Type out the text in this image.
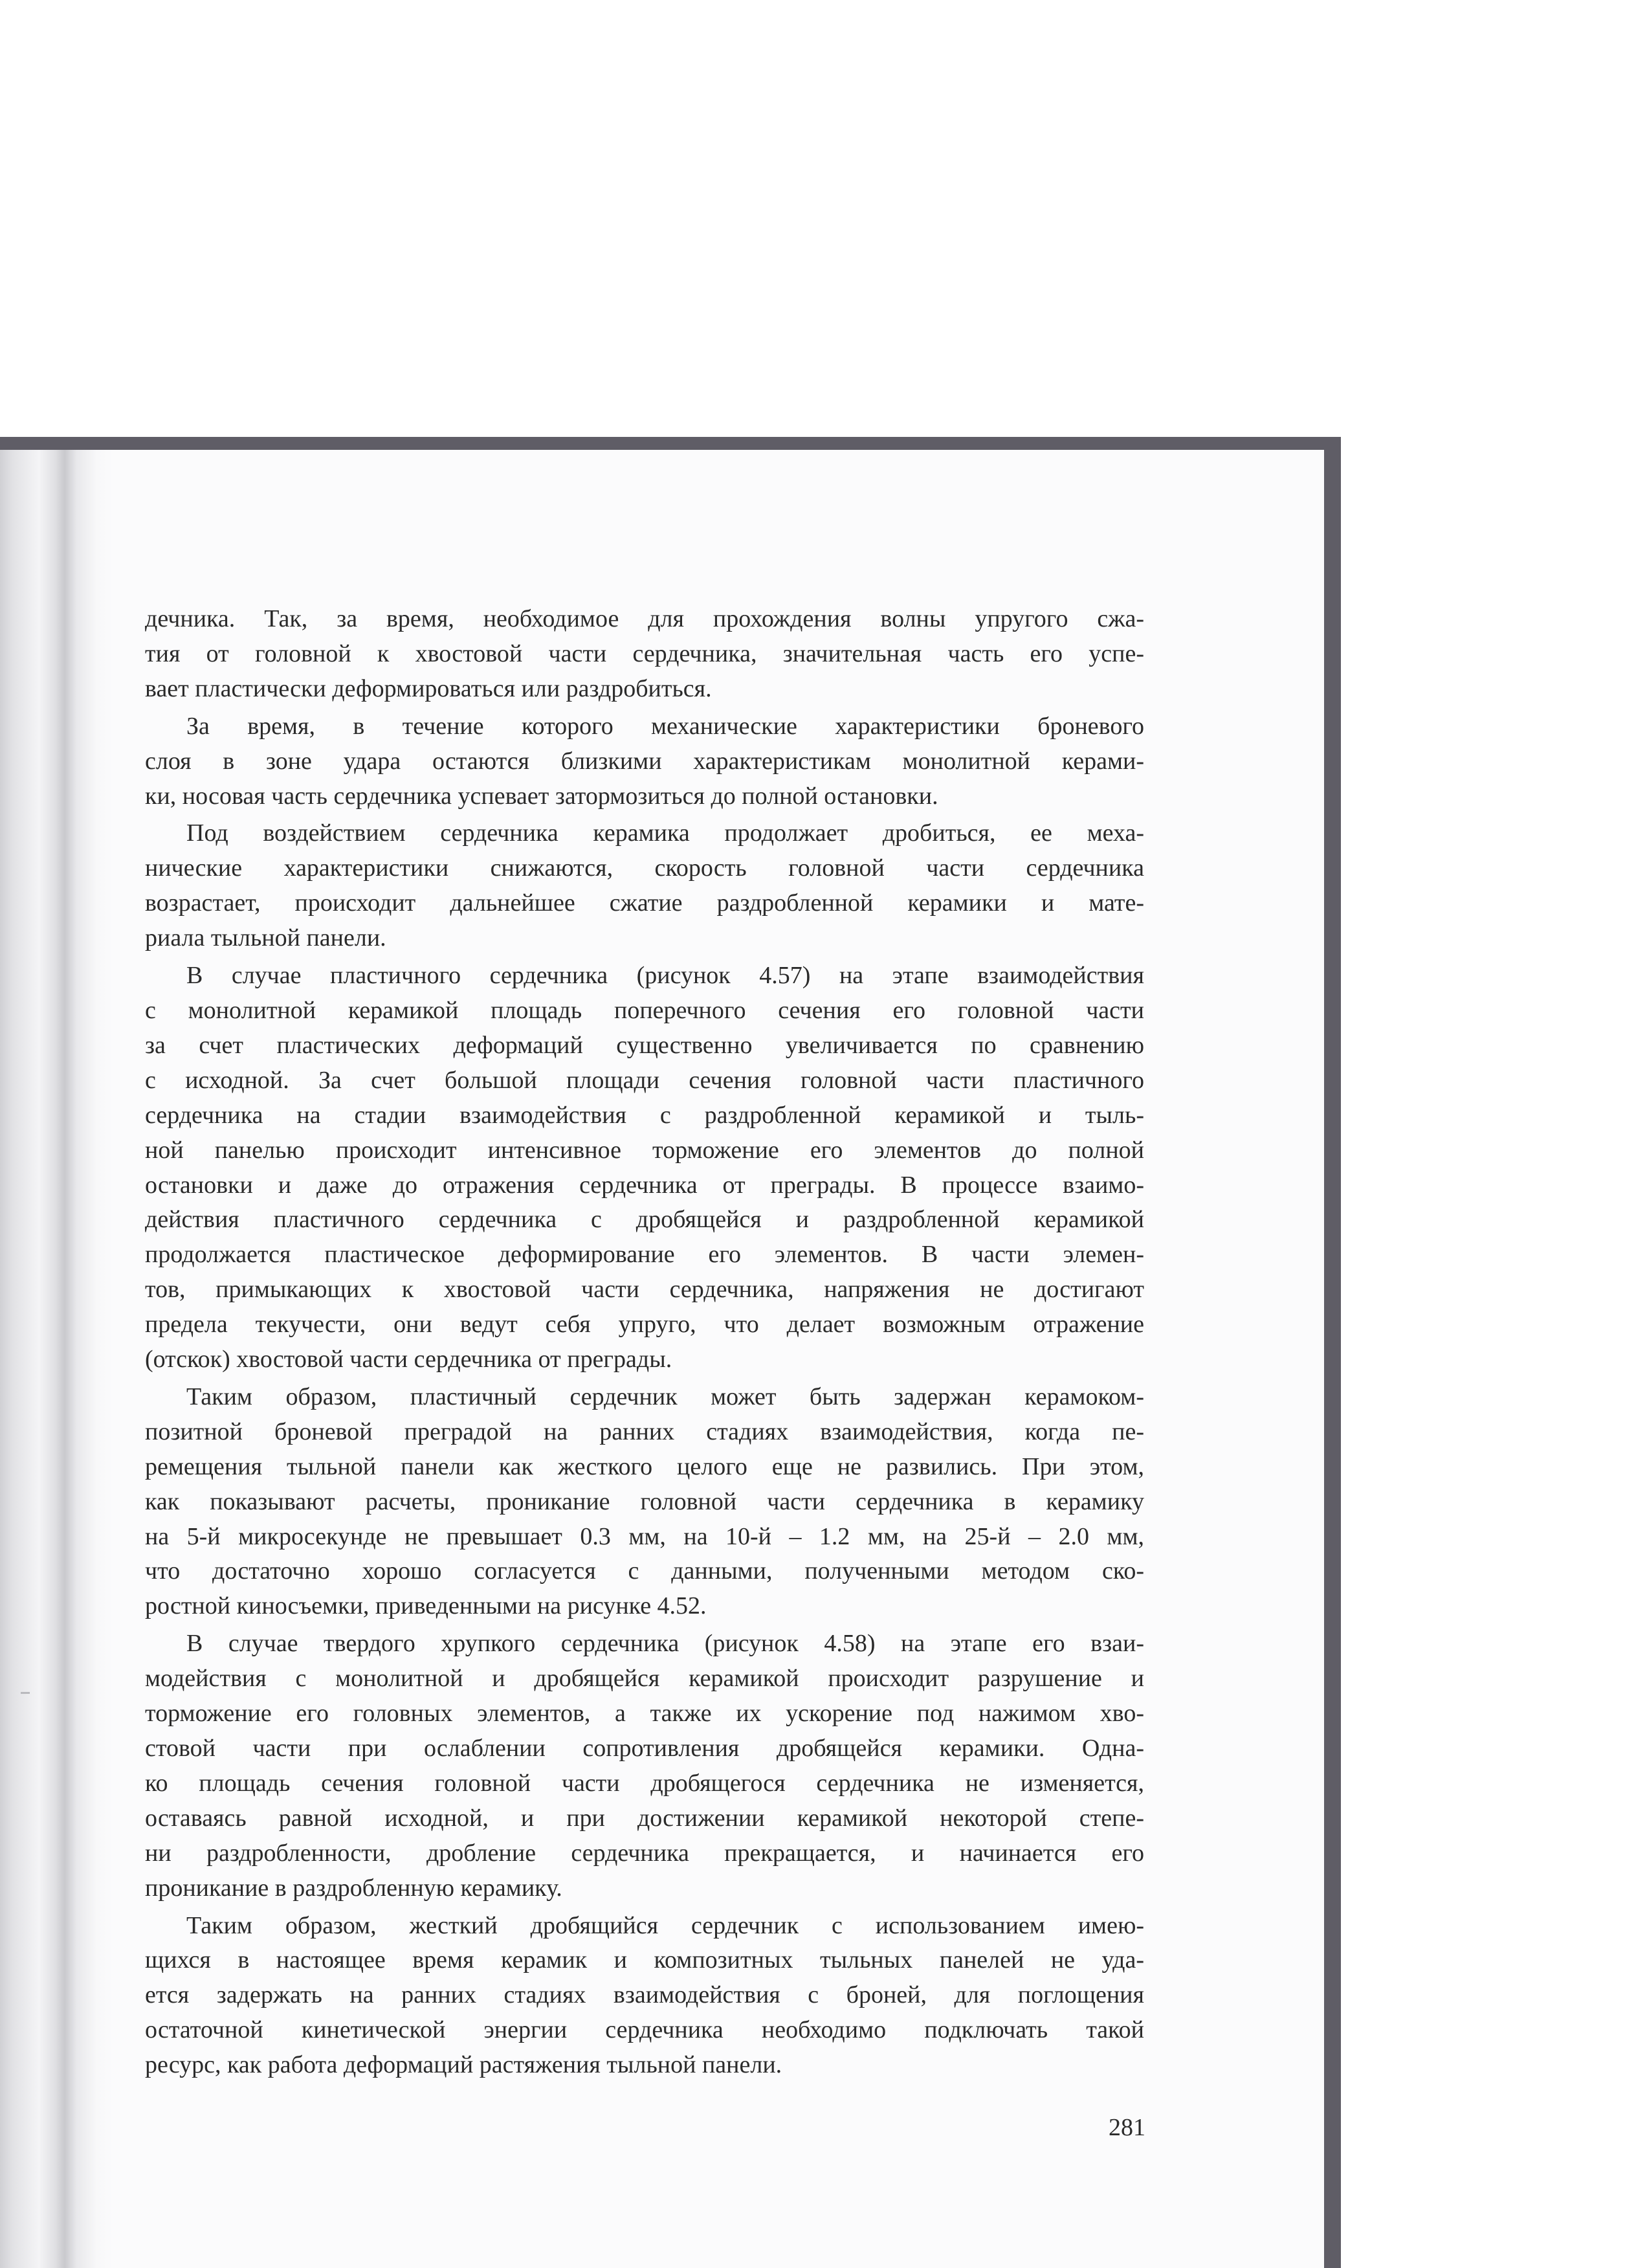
дечника. Так, за время, необходимое для прохождения волны упругого сжа-
тия от головной к хвостовой части сердечника, значительная часть его успе-
вает пластически деформироваться или раздробиться.

За время, в течение которого механические характеристики броневого
слоя в зоне удара остаются близкими характеристикам монолитной керами-
ки, носовая часть сердечника успевает затормозиться до полной остановки.

Под воздействием сердечника керамика продолжает дробиться, ее меха-
нические характеристики снижаются, скорость головной части сердечника
возрастает, происходит дальнейшее сжатие раздробленной керамики и мате-
риала тыльной панели.

В случае пластичного сердечника (рисунок 4.57) на этапе взаимодействия
с монолитной керамикой площадь поперечного сечения его головной части
за счет пластических деформаций существенно увеличивается по сравнению
с исходной. За счет большой площади сечения головной части пластичного
сердечника на стадии взаимодействия с раздробленной керамикой и тыль-
ной панелью происходит интенсивное торможение его элементов до полной
остановки и даже до отражения сердечника от преграды. В процессе взаимо-
действия пластичного сердечника с дробящейся и раздробленной керамикой
продолжается пластическое деформирование его элементов. В части элемен-
тов, примыкающих к хвостовой части сердечника, напряжения не достигают
предела текучести, они ведут себя упруго, что делает возможным отражение
(отскок) хвостовой части сердечника от преграды.

Таким образом, пластичный сердечник может быть задержан керамоком-
позитной броневой преградой на ранних стадиях взаимодействия, когда пе-
ремещения тыльной панели как жесткого целого еще не развились. При этом,
как показывают расчеты, проникание головной части сердечника в керамику
на 5-й микросекунде не превышает 0.3 мм, на 10-й – 1.2 мм, на 25-й – 2.0 мм,
что достаточно хорошо согласуется с данными, полученными методом ско-
ростной киносъемки, приведенными на рисунке 4.52.

В случае твердого хрупкого сердечника (рисунок 4.58) на этапе его взаи-
модействия с монолитной и дробящейся керамикой происходит разрушение и
торможение его головных элементов, а также их ускорение под нажимом хво-
стовой части при ослаблении сопротивления дробящейся керамики. Одна-
ко площадь сечения головной части дробящегося сердечника не изменяется,
оставаясь равной исходной, и при достижении керамикой некоторой степе-
ни раздробленности, дробление сердечника прекращается, и начинается его
проникание в раздробленную керамику.

Таким образом, жесткий дробящийся сердечник с использованием имею-
щихся в настоящее время керамик и композитных тыльных панелей не уда-
ется задержать на ранних стадиях взаимодействия с броней, для поглощения
остаточной кинетической энергии сердечника необходимо подключать такой
ресурс, как работа деформаций растяжения тыльной панели.

281
